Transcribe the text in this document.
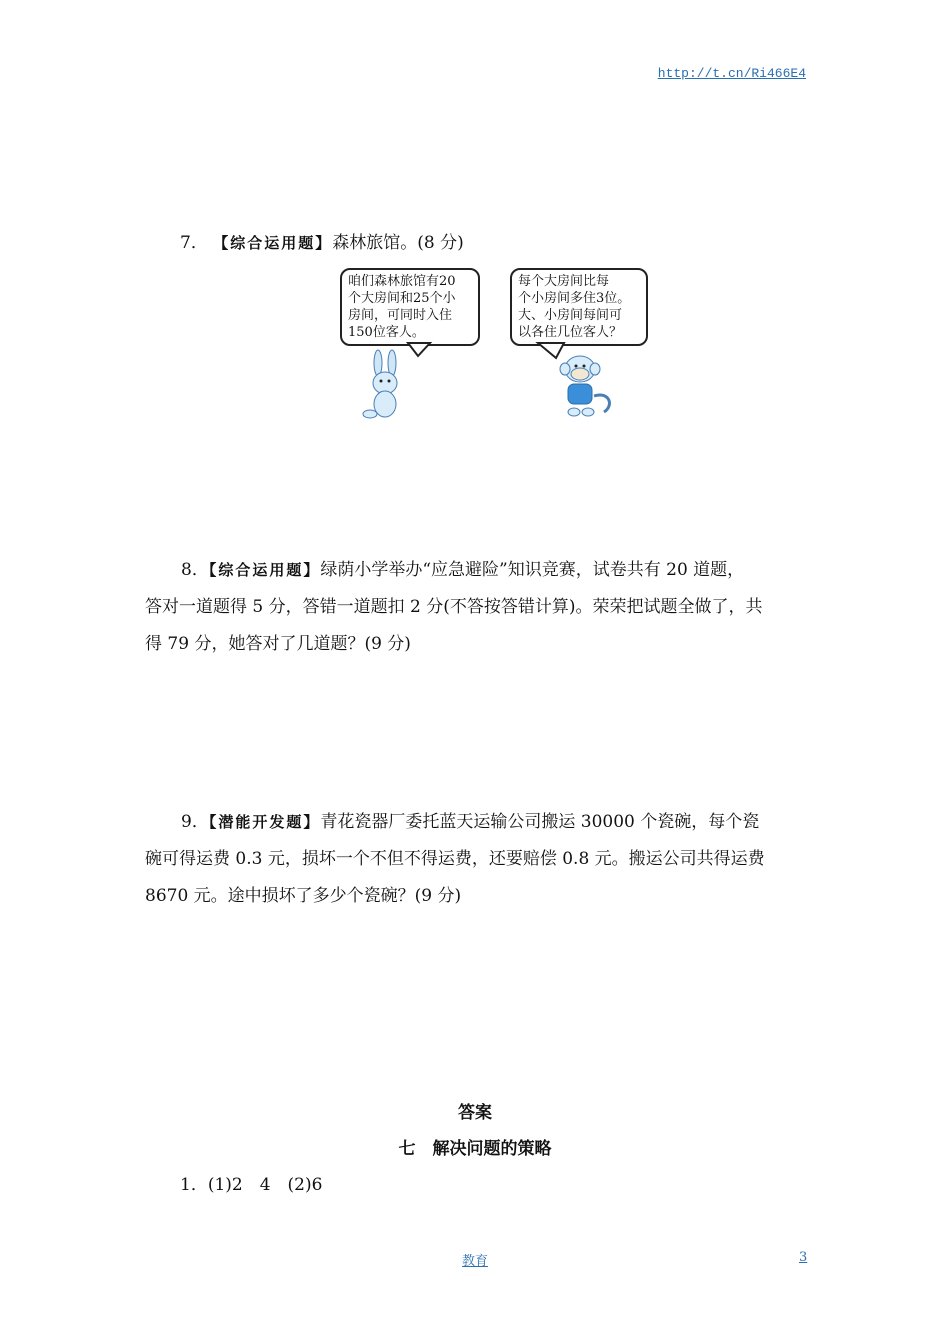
http://t.cn/Ri466E4
7． 【综合运用题】森林旅馆。(8 分)
咱们森林旅馆有20
个大房间和25个小
房间，可同时入住
150位客人。
每个大房间比每
个小房间多住3位。
大、小房间每间可
以各住几位客人？

8．【综合运用题】绿荫小学举办“应急避险”知识竞赛，试卷共有 20 道题，

答对一道题得 5 分，答错一道题扣 2 分(不答按答错计算)。荣荣把试题全做了，共

得 79 分，她答对了几道题？(9 分)

9．【潜能开发题】青花瓷器厂委托蓝天运输公司搬运 30000 个瓷碗，每个瓷

碗可得运费 0.3 元，损坏一个不但不得运费，还要赔偿 0.8 元。搬运公司共得运费

8670 元。途中损坏了多少个瓷碗？(9 分)

答案
七　解决问题的策略
1．(1)2　4　(2)6
教育	3
